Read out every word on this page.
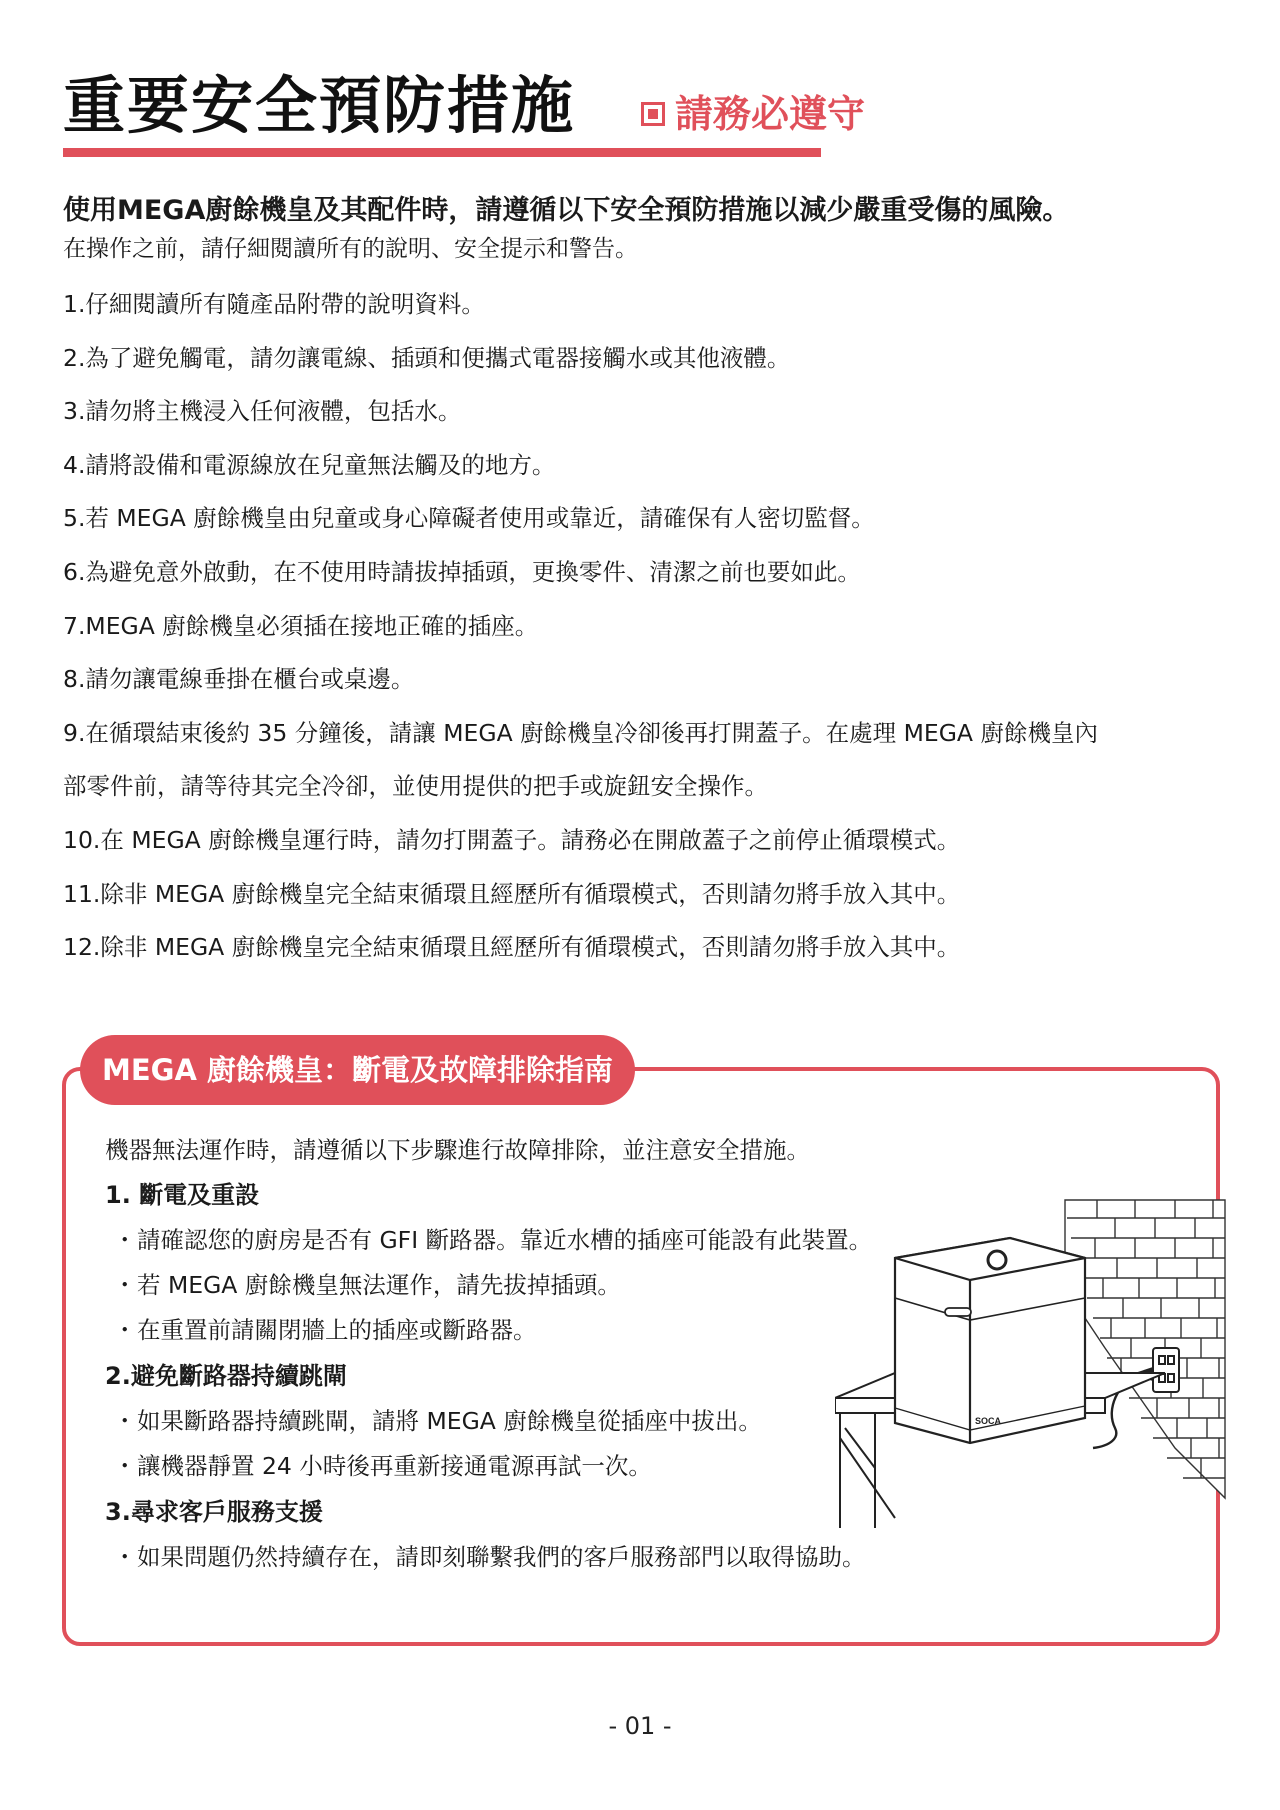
重要安全預防措施	請務必遵守
使用MEGA廚餘機皇及其配件時，請遵循以下安全預防措施以減少嚴重受傷的風險。
在操作之前，請仔細閱讀所有的說明、安全提示和警告。
1.仔細閱讀所有隨產品附帶的說明資料。
2.為了避免觸電，請勿讓電線、插頭和便攜式電器接觸水或其他液體。
3.請勿將主機浸入任何液體，包括水。
4.請將設備和電源線放在兒童無法觸及的地方。
5.若 MEGA 廚餘機皇由兒童或身心障礙者使用或靠近，請確保有人密切監督。
6.為避免意外啟動，在不使用時請拔掉插頭，更換零件、清潔之前也要如此。
7.MEGA 廚餘機皇必須插在接地正確的插座。
8.請勿讓電線垂掛在櫃台或桌邊。
9.在循環結束後約 35 分鐘後，請讓 MEGA 廚餘機皇冷卻後再打開蓋子。在處理 MEGA 廚餘機皇內
部零件前，請等待其完全冷卻，並使用提供的把手或旋鈕安全操作。
10.在 MEGA 廚餘機皇運行時，請勿打開蓋子。請務必在開啟蓋子之前停止循環模式。
11.除非 MEGA 廚餘機皇完全結束循環且經歷所有循環模式，否則請勿將手放入其中。
12.除非 MEGA 廚餘機皇完全結束循環且經歷所有循環模式，否則請勿將手放入其中。
MEGA 廚餘機皇：斷電及故障排除指南
機器無法運作時，請遵循以下步驟進行故障排除，並注意安全措施。
1. 斷電及重設
・請確認您的廚房是否有 GFI 斷路器。靠近水槽的插座可能設有此裝置。
・若 MEGA 廚餘機皇無法運作，請先拔掉插頭。
・在重置前請關閉牆上的插座或斷路器。
2.避免斷路器持續跳閘
・如果斷路器持續跳閘，請將 MEGA 廚餘機皇從插座中拔出。
・讓機器靜置 24 小時後再重新接通電源再試一次。
3.尋求客戶服務支援
・如果問題仍然持續存在，請即刻聯繫我們的客戶服務部門以取得協助。
SOCA
- 01 -
